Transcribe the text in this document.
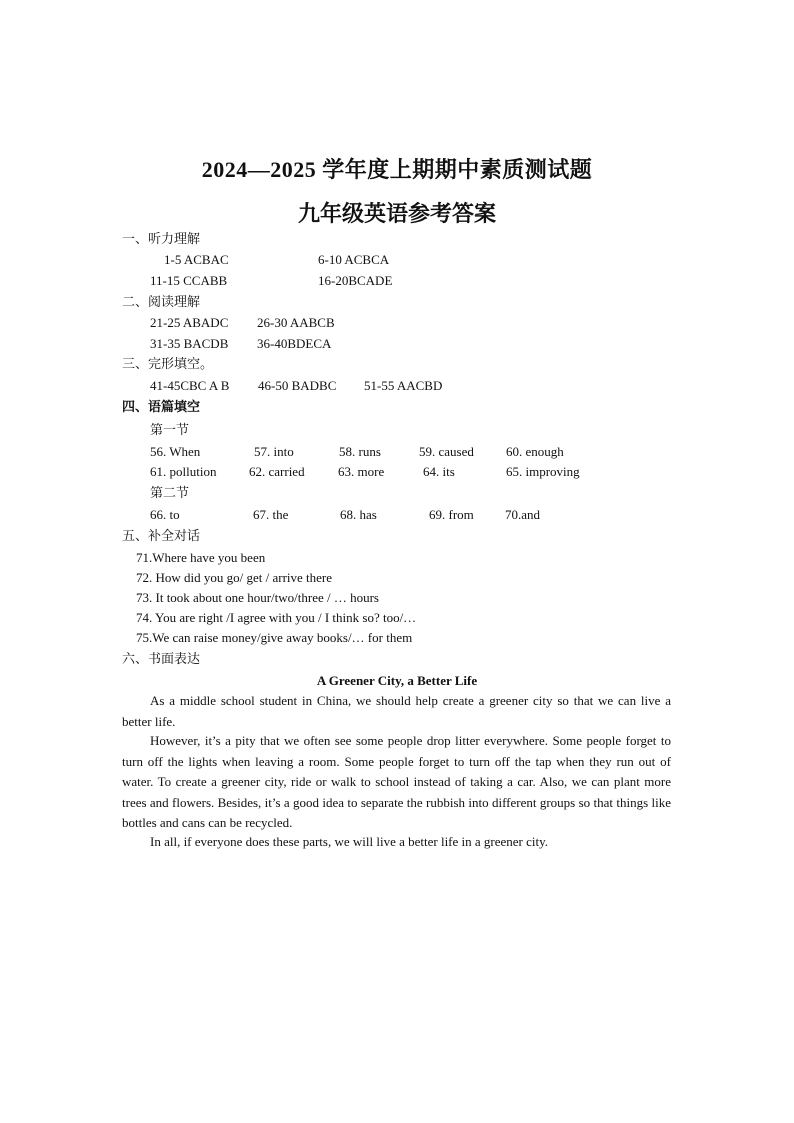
2024—2025 学年度上期期中素质测试题
九年级英语参考答案
一、听力理解
1-5 ACBAC	6-10 ACBCA
11-15 CCABB	16-20BCADE
二、阅读理解
21-25 ABADC 26-30 AABCB
31-35 BACDB 36-40BDECA
三、完形填空。
41-45CBC A B 46-50 BADBC 51-55 AACBD
四、语篇填空
第一节
56. When	57. into	58. runs	59. caused 60. enough
61. pollution	62. carried	63. more	64. its	65. improving
第二节
66. to	67. the	68. has	69. from 70.and
五、补全对话
71.Where have you been
72. How did you go/ get / arrive there
73. It took about one hour/two/three / … hours
74. You are right /I agree with you / I think so? too/…
75.We can raise money/give away books/… for them
六、书面表达
A Greener City, a Better Life

As a middle school student in China, we should help create a greener city so that we can live a better life.

However, it’s a pity that we often see some people drop litter everywhere. Some people forget to turn off the lights when leaving a room. Some people forget to turn off the tap when they run out of water. To create a greener city, ride or walk to school instead of taking a car. Also, we can plant more trees and flowers. Besides, it’s a good idea to separate the rubbish into different groups so that things like bottles and cans can be recycled.

In all, if everyone does these parts, we will live a better life in a greener city.
